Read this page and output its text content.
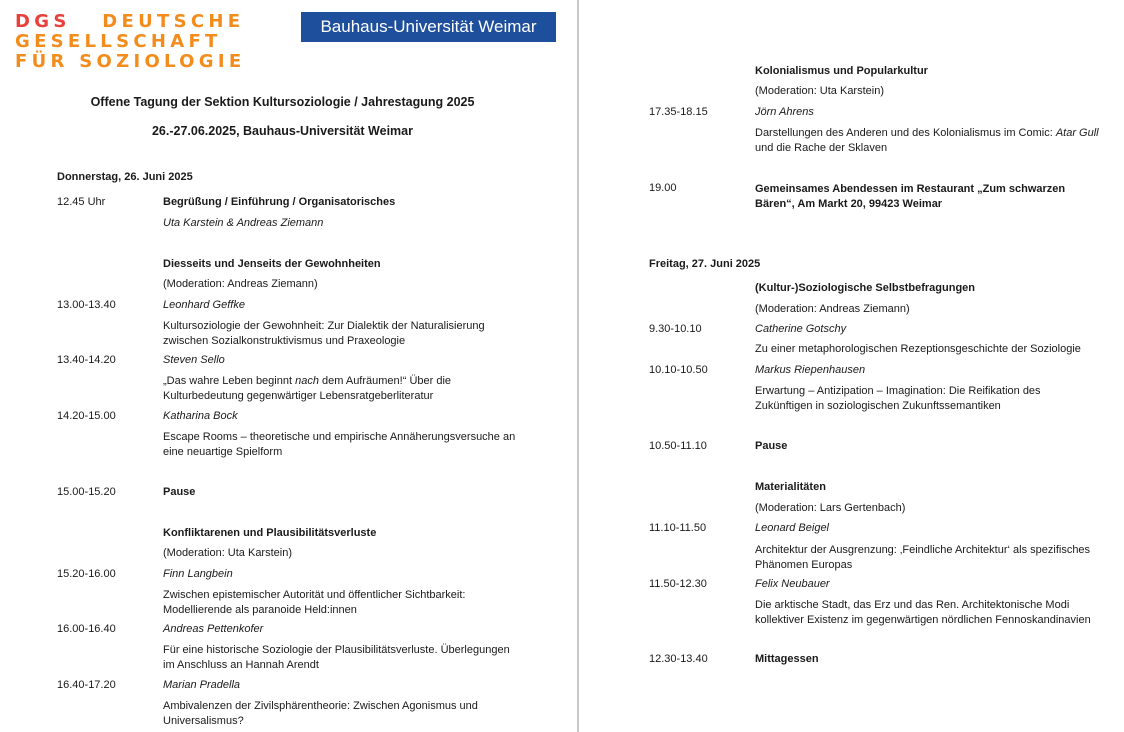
DGS DEUTSCHE
GESELLSCHAFT
FÜR SOZIOLOGIE
Bauhaus-Universität Weimar
Offene Tagung der Sektion Kultursoziologie / Jahrestagung 2025
26.-27.06.2025, Bauhaus-Universität Weimar
Donnerstag, 26. Juni 2025
12.45 Uhr	Begrüßung / Einführung / Organisatorisches
Uta Karstein & Andreas Ziemann
Diesseits und Jenseits der Gewohnheiten
(Moderation: Andreas Ziemann)
13.00-13.40	Leonhard Geffke
Kultursoziologie der Gewohnheit: Zur Dialektik der Naturalisierung zwischen Sozialkonstruktivismus und Praxeologie
13.40-14.20	Steven Sello
„Das wahre Leben beginnt nach dem Aufräumen!“ Über die Kulturbedeutung gegenwärtiger Lebensratgeberliteratur
14.20-15.00	Katharina Bock
Escape Rooms – theoretische und empirische Annäherungsversuche an eine neuartige Spielform
15.00-15.20	Pause
Konfliktarenen und Plausibilitätsverluste
(Moderation: Uta Karstein)
15.20-16.00	Finn Langbein
Zwischen epistemischer Autorität und öffentlicher Sichtbarkeit: Modellierende als paranoide Held:innen
16.00-16.40	Andreas Pettenkofer
Für eine historische Soziologie der Plausibilitätsverluste. Überlegungen im Anschluss an Hannah Arendt
16.40-17.20	Marian Pradella
Ambivalenzen der Zivilsphärentheorie: Zwischen Agonismus und Universalismus?
Kolonialismus und Popularkultur
(Moderation: Uta Karstein)
17.35-18.15	Jörn Ahrens
Darstellungen des Anderen und des Kolonialismus im Comic: Atar Gull und die Rache der Sklaven
19.00	Gemeinsames Abendessen im Restaurant „Zum schwarzen Bären“, Am Markt 20, 99423 Weimar
Freitag, 27. Juni 2025
(Kultur-)Soziologische Selbstbefragungen
(Moderation: Andreas Ziemann)
9.30-10.10	Catherine Gotschy
Zu einer metaphorologischen Rezeptionsgeschichte der Soziologie
10.10-10.50	Markus Riepenhausen
Erwartung – Antizipation – Imagination: Die Reifikation des Zukünftigen in soziologischen Zukunftssemantiken
10.50-11.10	Pause
Materialitäten
(Moderation: Lars Gertenbach)
11.10-11.50	Leonard Beigel
Architektur der Ausgrenzung: ‚Feindliche Architektur‘ als spezifisches Phänomen Europas
11.50-12.30	Felix Neubauer
Die arktische Stadt, das Erz und das Ren. Architektonische Modi kollektiver Existenz im gegenwärtigen nördlichen Fennoskandinavien
12.30-13.40	Mittagessen
